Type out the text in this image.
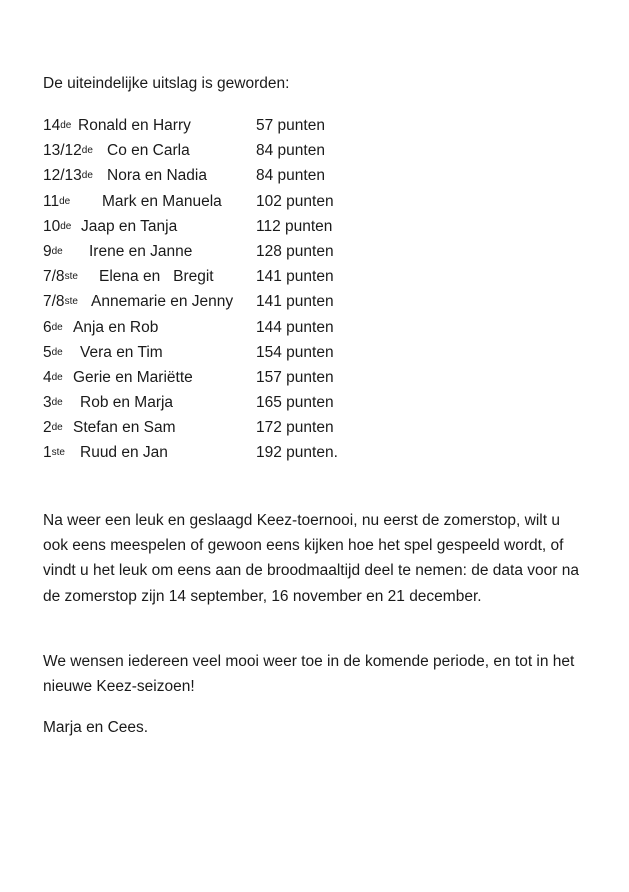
De uiteindelijke uitslag is geworden:

14de Ronald en Harry	57 punten
13/12de Co en Carla	84 punten
12/13de Nora en Nadia	84 punten
11de Mark en Manuela 102 punten
10de Jaap en Tanja	112 punten
9de Irene en Janne	128 punten
7/8ste Elena en   Bregit	141 punten
7/8ste Annemarie en Jenny 141 punten
6de Anja en Rob	144 punten
5de Vera en Tim	154 punten
4de Gerie en Mariëtte	157 punten
3de Rob en Marja	165 punten
2de Stefan en Sam	172 punten
1ste Ruud en Jan	192 punten.

Na weer een leuk en geslaagd Keez-toernooi, nu eerst de zomerstop, wilt u ook eens meespelen of gewoon eens kijken hoe het spel gespeeld wordt, of vindt u het leuk om eens aan de broodmaaltijd deel te nemen: de data voor na de zomerstop zijn 14 september, 16 november en 21 december.

We wensen iedereen veel mooi weer toe in de komende periode, en tot in het nieuwe Keez-seizoen!

Marja en Cees.
